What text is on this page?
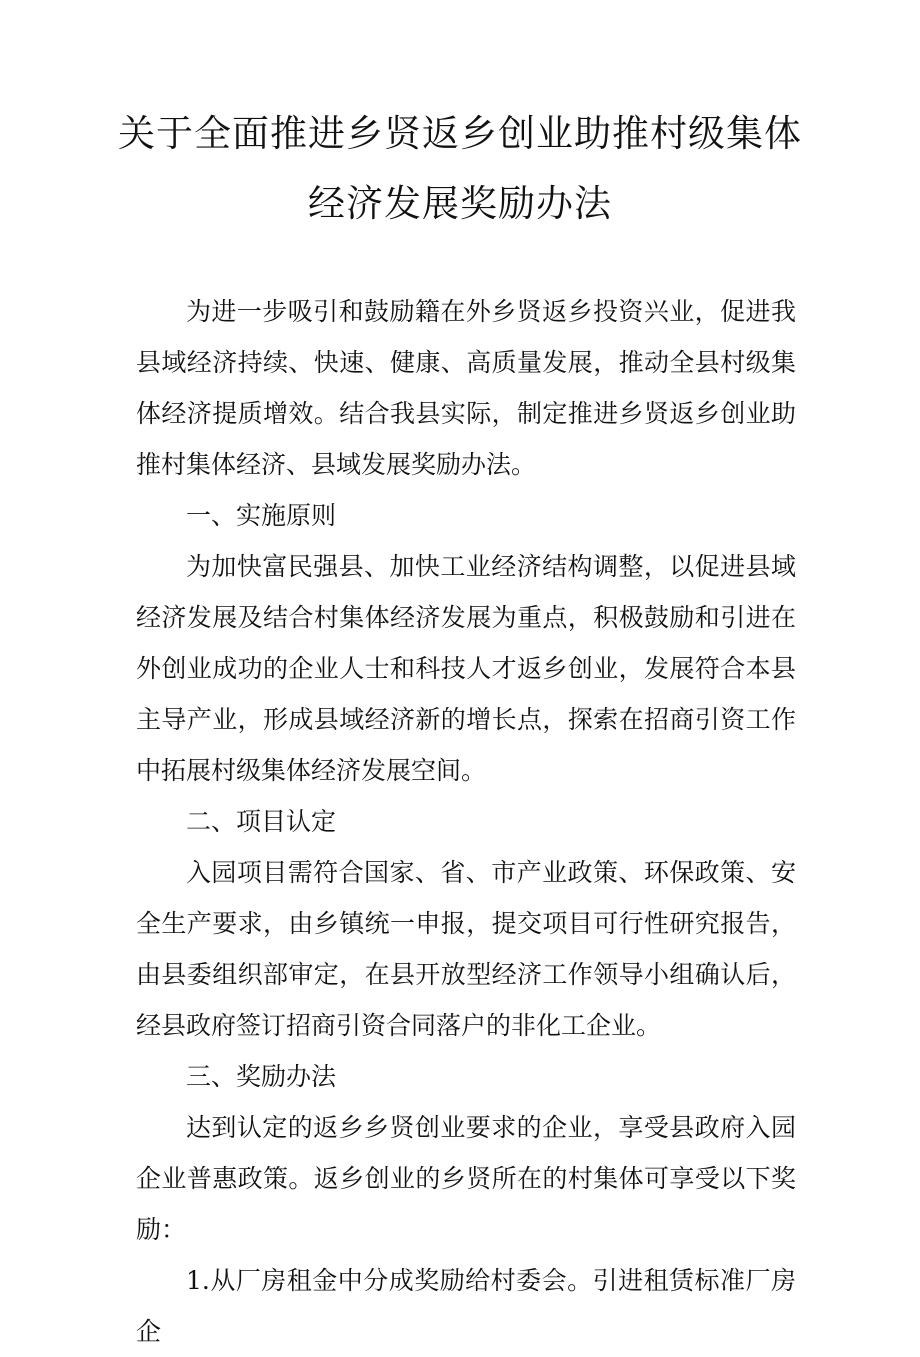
关于全面推进乡贤返乡创业助推村级集体
经济发展奖励办法

为进一步吸引和鼓励籍在外乡贤返乡投资兴业，促进我县域经济持续、快速、健康、高质量发展，推动全县村级集体经济提质增效。结合我县实际，制定推进乡贤返乡创业助推村集体经济、县域发展奖励办法。

一、实施原则

为加快富民强县、加快工业经济结构调整，以促进县域经济发展及结合村集体经济发展为重点，积极鼓励和引进在外创业成功的企业人士和科技人才返乡创业，发展符合本县主导产业，形成县域经济新的增长点，探索在招商引资工作中拓展村级集体经济发展空间。

二、项目认定

入园项目需符合国家、省、市产业政策、环保政策、安全生产要求，由乡镇统一申报，提交项目可行性研究报告，由县委组织部审定，在县开放型经济工作领导小组确认后，经县政府签订招商引资合同落户的非化工企业。

三、奖励办法

达到认定的返乡乡贤创业要求的企业，享受县政府入园企业普惠政策。返乡创业的乡贤所在的村集体可享受以下奖励：

1.从厂房租金中分成奖励给村委会。引进租赁标准厂房企
